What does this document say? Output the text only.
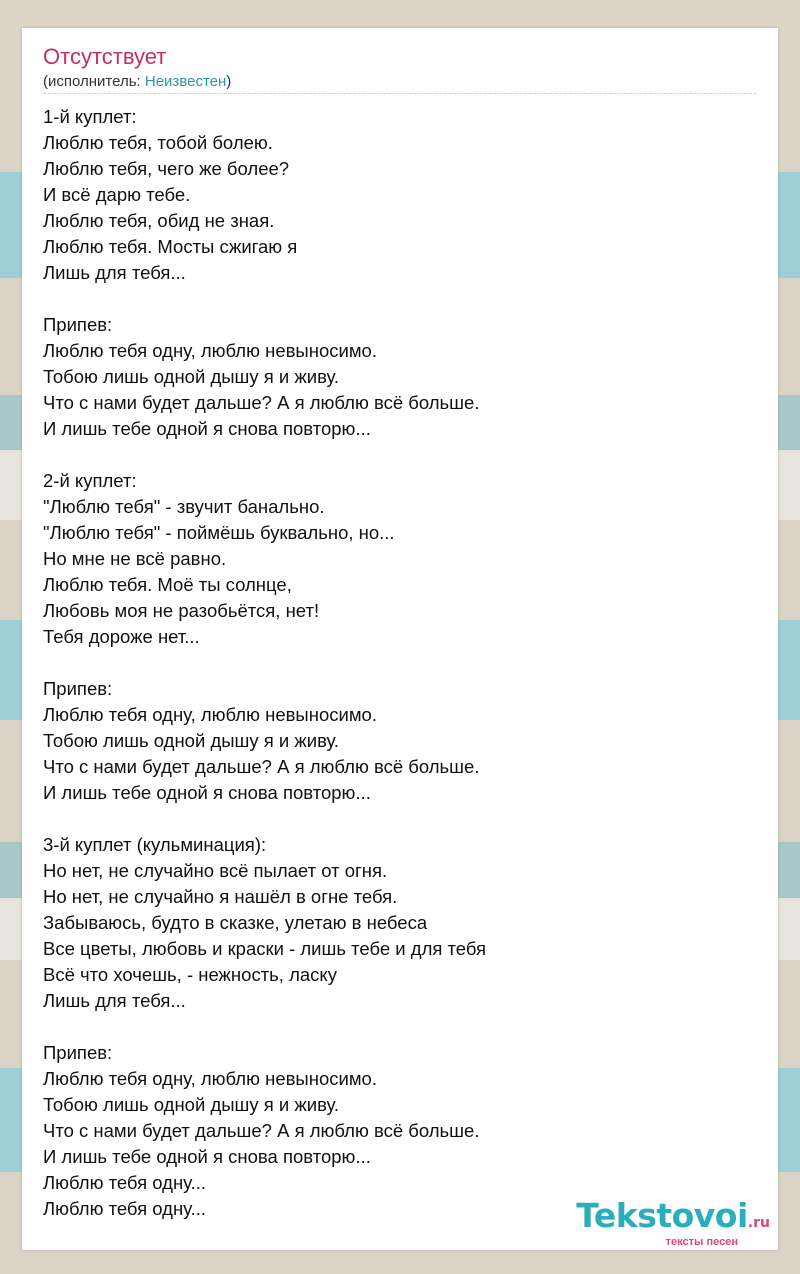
Отсутствует
(исполнитель: Неизвестен)
1-й куплет:
Люблю тебя, тобой болею.
Люблю тебя, чего же более?
И всё дарю тебе.
Люблю тебя, обид не зная.
Люблю тебя. Мосты сжигаю я
Лишь для тебя...
Припев:
Люблю тебя одну, люблю невыносимо.
Тобою лишь одной дышу я и живу.
Что с нами будет дальше? А я люблю всё больше.
И лишь тебе одной я снова повторю...
2-й куплет:
"Люблю тебя" - звучит банально.
"Люблю тебя" - поймёшь буквально, но...
Но мне не всё равно.
Люблю тебя. Моё ты солнце,
Любовь моя не разобьётся, нет!
Тебя дороже нет...
Припев:
Люблю тебя одну, люблю невыносимо.
Тобою лишь одной дышу я и живу.
Что с нами будет дальше? А я люблю всё больше.
И лишь тебе одной я снова повторю...
3-й куплет (кульминация):
Но нет, не случайно всё пылает от огня.
Но нет, не случайно я нашёл в огне тебя.
Забываюсь, будто в сказке, улетаю в небеса
Все цветы, любовь и краски - лишь тебе и для тебя
Всё что хочешь, - нежность, ласку
Лишь для тебя...
Припев:
Люблю тебя одну, люблю невыносимо.
Тобою лишь одной дышу я и живу.
Что с нами будет дальше? А я люблю всё больше.
И лишь тебе одной я снова повторю...
Люблю тебя одну...
Люблю тебя одну...	Tekstovoi.ru
тексты песен
